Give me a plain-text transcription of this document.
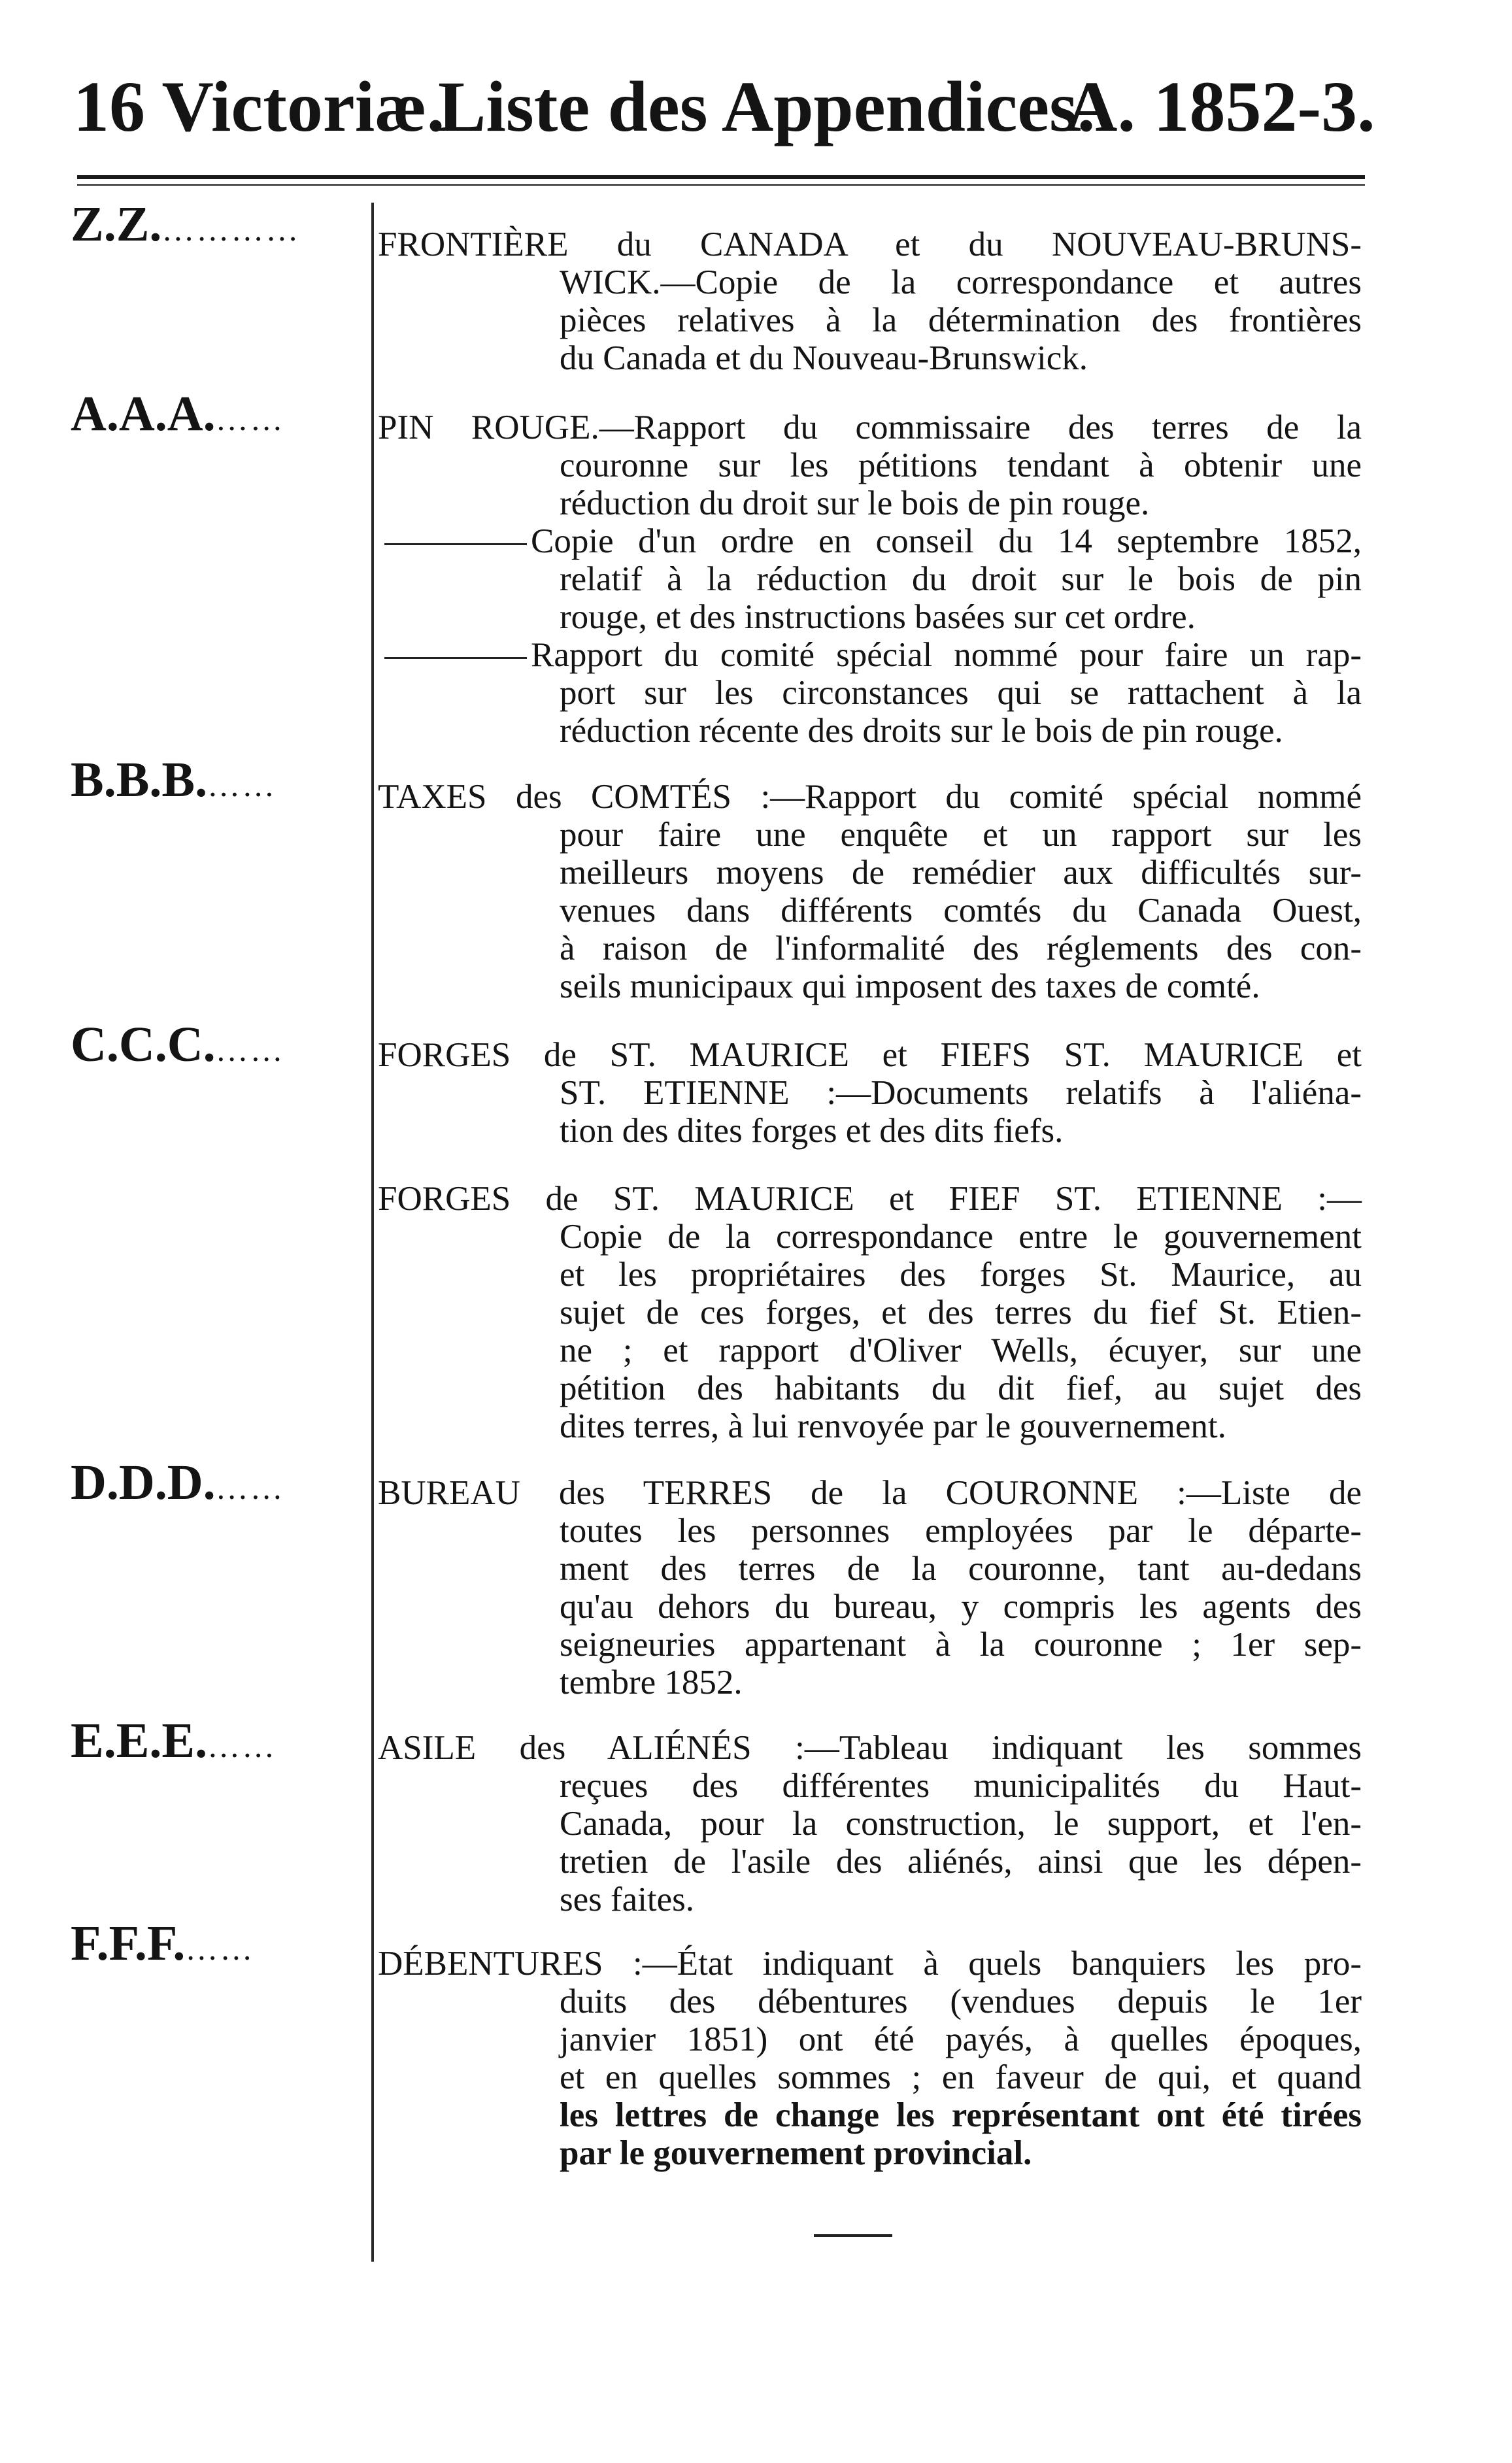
16 Victoriæ.
Liste des Appendices.
A. 1852-3.
Z.Z.…………	FRONTIÈRE du CANADA et du NOUVEAU-BRUNS-
WICK.—Copie de la correspondance et autres
pièces relatives à la détermination des frontières
du Canada et du Nouveau-Brunswick.
A.A.A.……	PIN ROUGE.—Rapport du commissaire des terres de la
couronne sur les pétitions tendant à obtenir une
réduction du droit sur le bois de pin rouge.
Copie d'un ordre en conseil du 14 septembre 1852,
relatif à la réduction du droit sur le bois de pin
rouge, et des instructions basées sur cet ordre.
Rapport du comité spécial nommé pour faire un rap-
port sur les circonstances qui se rattachent à la
réduction récente des droits sur le bois de pin rouge.
B.B.B.……	TAXES des COMTÉS :—Rapport du comité spécial nommé
pour faire une enquête et un rapport sur les
meilleurs moyens de remédier aux difficultés sur-
venues dans différents comtés du Canada Ouest,
à raison de l'informalité des réglements des con-
seils municipaux qui imposent des taxes de comté.
C.C.C.……	FORGES de ST. MAURICE et FIEFS ST. MAURICE et
ST. ETIENNE :—Documents relatifs à l'aliéna-
tion des dites forges et des dits fiefs.
FORGES de ST. MAURICE et FIEF ST. ETIENNE :—
Copie de la correspondance entre le gouvernement
et les propriétaires des forges St. Maurice, au
sujet de ces forges, et des terres du fief St. Etien-
ne ; et rapport d'Oliver Wells, écuyer, sur une
pétition des habitants du dit fief, au sujet des
dites terres, à lui renvoyée par le gouvernement.
D.D.D.……	BUREAU des TERRES de la COURONNE :—Liste de
toutes les personnes employées par le départe-
ment des terres de la couronne, tant au-dedans
qu'au dehors du bureau, y compris les agents des
seigneuries appartenant à la couronne ; 1er sep-
tembre 1852.
E.E.E.……	ASILE des ALIÉNÉS :—Tableau indiquant les sommes
reçues des différentes municipalités du Haut-
Canada, pour la construction, le support, et l'en-
tretien de l'asile des aliénés, ainsi que les dépen-
ses faites.
F.F.F.……	DÉBENTURES :—État indiquant à quels banquiers les pro-
duits des débentures (vendues depuis le 1er
janvier 1851) ont été payés, à quelles époques,
et en quelles sommes ; en faveur de qui, et quand
les lettres de change les représentant ont été tirées
par le gouvernement provincial.
